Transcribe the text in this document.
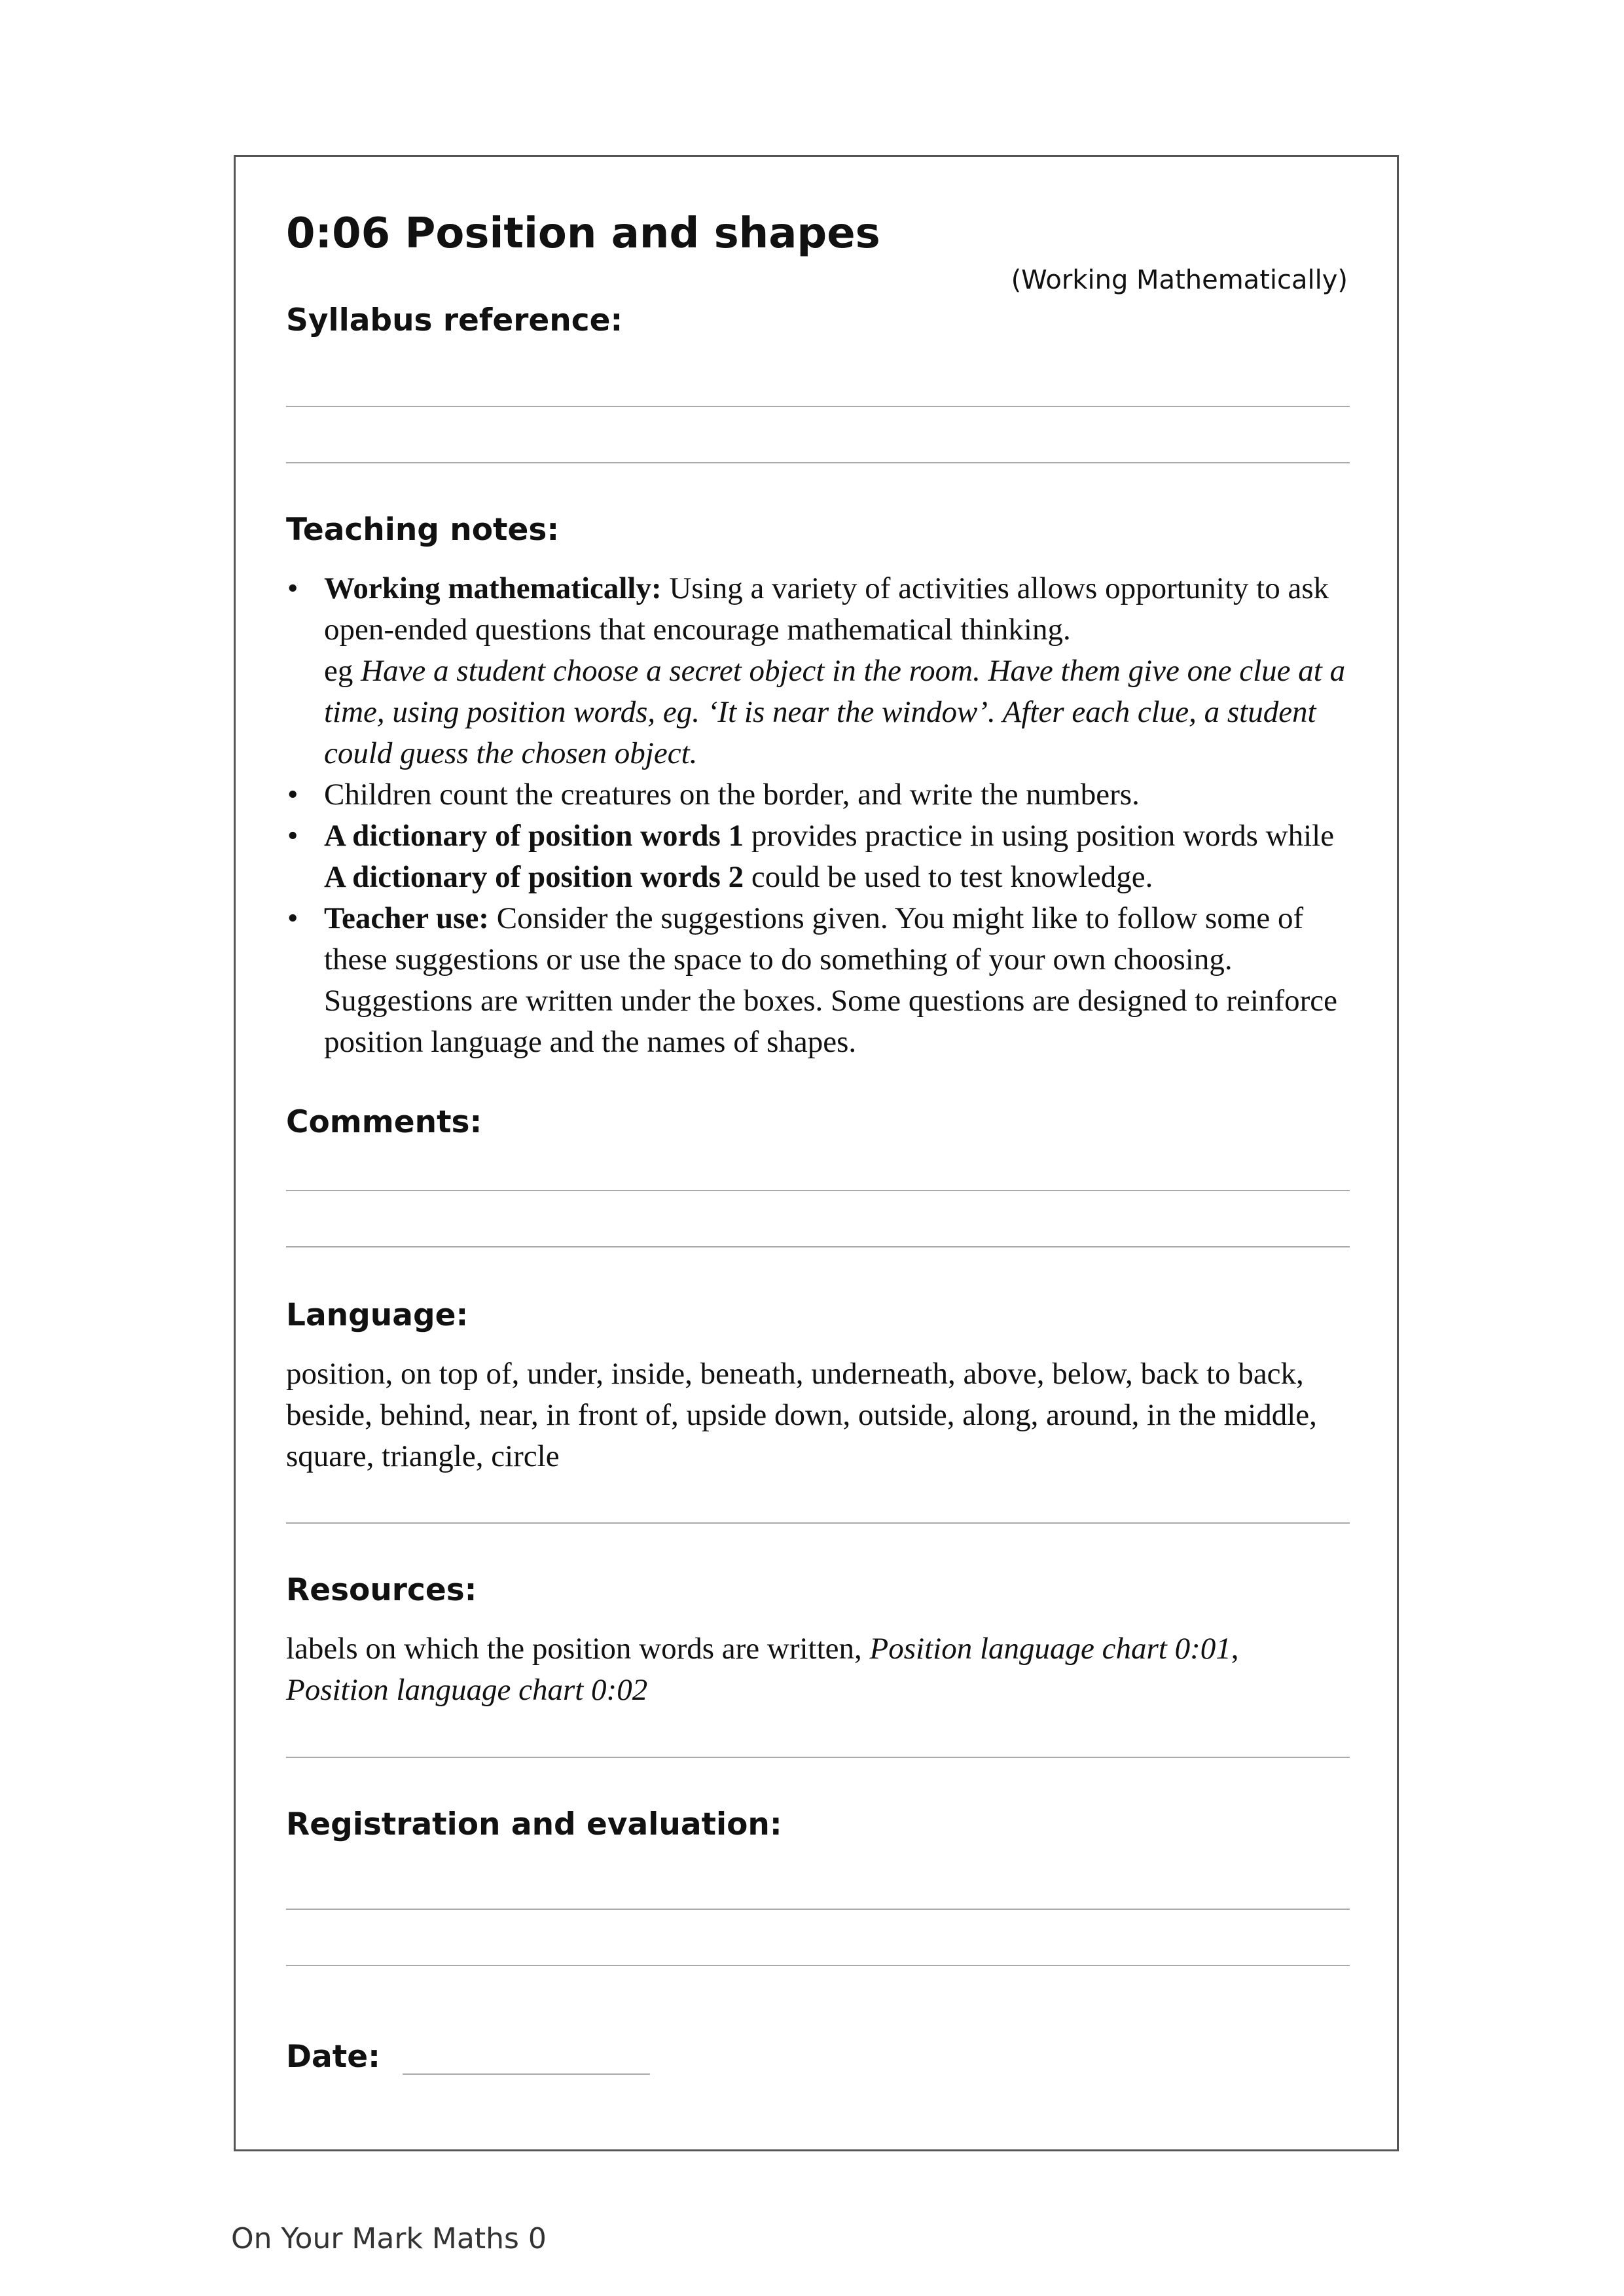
0:06 Position and shapes
(Working Mathematically)
Syllabus reference:
Teaching notes:
• Working mathematically: Using a variety of activities allows opportunity to ask open-ended questions that encourage mathematical thinking.
eg Have a student choose a secret object in the room. Have them give one clue at a time, using position words, eg. ‘It is near the window’. After each clue, a student could guess the chosen object.
• Children count the creatures on the border, and write the numbers.
• A dictionary of position words 1 provides practice in using position words while A dictionary of position words 2 could be used to test knowledge.
• Teacher use: Consider the suggestions given. You might like to follow some of these suggestions or use the space to do something of your own choosing. Suggestions are written under the boxes. Some questions are designed to reinforce position language and the names of shapes.
Comments:
Language:

position, on top of, under, inside, beneath, underneath, above, below, back to back, beside, behind, near, in front of, upside down, outside, along, around, in the middle, square, triangle, circle

Resources:

labels on which the position words are written, Position language chart 0:01,
Position language chart 0:02

Registration and evaluation:
Date:
On Your Mark Maths 0
